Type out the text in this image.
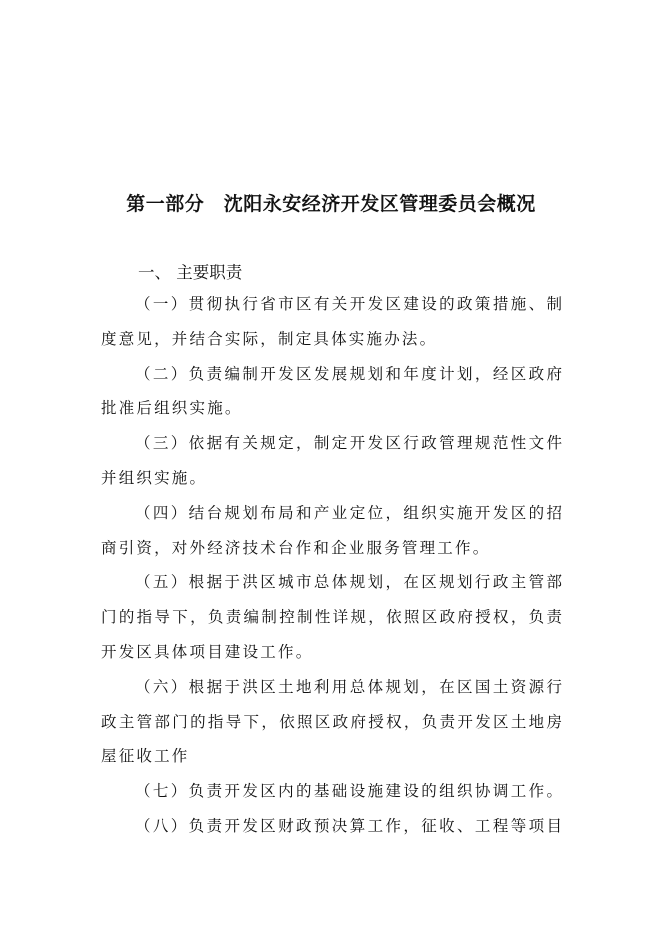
第一部分　沈阳永安经济开发区管理委员会概况
一、 主要职责
（一）贯彻执行省市区有关开发区建设的政策措施、制
度意见，并结合实际，制定具体实施办法。
（二）负责编制开发区发展规划和年度计划，经区政府
批准后组织实施。
（三）依据有关规定，制定开发区行政管理规范性文件
并组织实施。
（四）结台规划布局和产业定位，组织实施开发区的招
商引资，对外经济技术台作和企业服务管理工作。
（五）根据于洪区城市总体规划，在区规划行政主管部
门的指导下，负责编制控制性详规，依照区政府授权，负责
开发区具体项目建设工作。
（六）根据于洪区土地利用总体规划，在区国土资源行
政主管部门的指导下，依照区政府授权，负责开发区土地房
屋征收工作
（七）负责开发区内的基础设施建设的组织协调工作。
（八）负责开发区财政预决算工作，征收、工程等项目
